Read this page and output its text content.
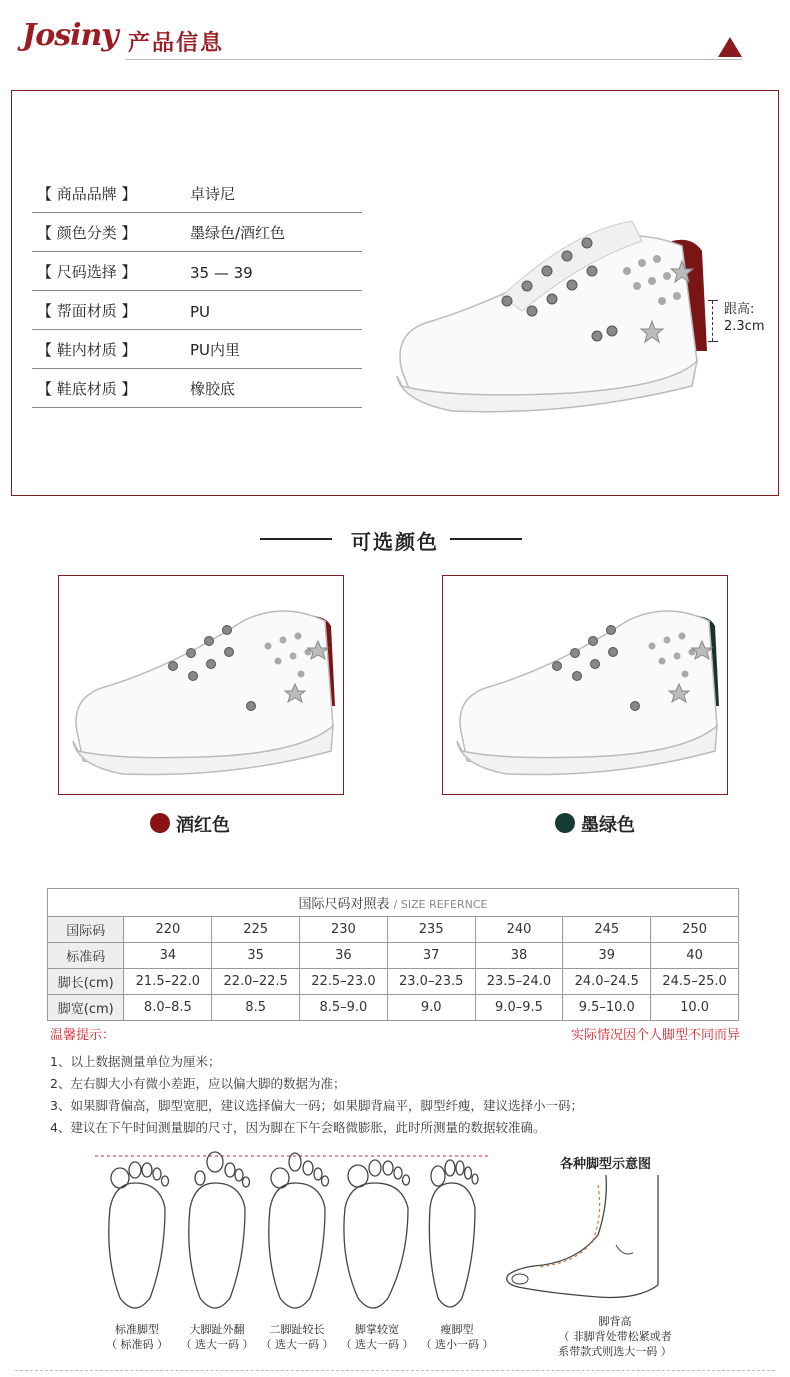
Josiny 产品信息
【 商品品牌 】	卓诗尼
【 颜色分类 】	墨绿色/酒红色
【 尺码选择 】	35 — 39
【 帮面材质 】	PU
【 鞋内材质 】	PU内里
【 鞋底材质 】	橡胶底
跟高:
2.3cm
可选颜色
酒红色	墨绿色
国际尺码对照表 / SIZE REFERNCE							
国际码	220	225	230	235	240	245	250
标准码	34	35	36	37	38	39	40
脚长(cm)	21.5–22.0	22.0–22.5	22.5–23.0	23.0–23.5	23.5–24.0	24.0–24.5	24.5–25.0
脚宽(cm)	8.0–8.5	8.5	8.5–9.0	9.0	9.0–9.5	9.5–10.0	10.0
温馨提示：	实际情况因个人脚型不同而异
1、以上数据测量单位为厘米；
2、左右脚大小有微小差距，应以偏大脚的数据为准；
3、如果脚背偏高，脚型宽肥，建议选择偏大一码；如果脚背扁平，脚型纤瘦，建议选择小一码；
4、建议在下午时间测量脚的尺寸，因为脚在下午会略微膨胀，此时所测量的数据较准确。
标准脚型
（ 标准码 ）
大脚趾外翻
（ 选大一码 ）
二脚趾较长
（ 选大一码 ）
脚掌较宽
（ 选大一码 ）
瘦脚型
（ 选小一码 ）
各种脚型示意图
脚背高
（ 非脚背处带松紧或者
系带款式则选大一码 ）
